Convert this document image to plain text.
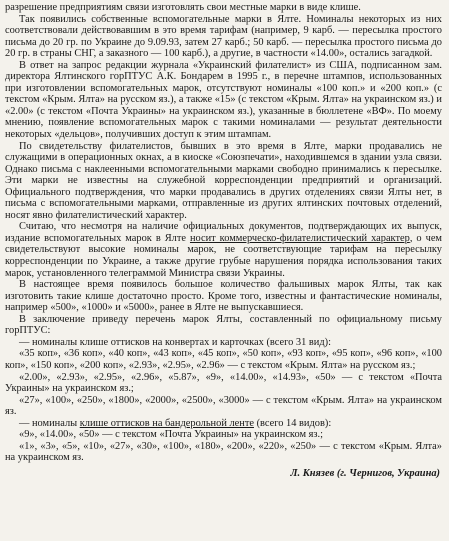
разрешение предприятиям связи изготовлять свои местные марки в виде клише.

Так появились собственные вспомогательные марки в Ялте. Номиналы некоторых из них соответствовали действовавшим в это время тарифам (например, 9 карб. — пересылка простого письма до 20 гр. по Украине до 9.09.93, затем 27 карб.; 50 карб. — пересылка простого письма до 20 гр. в страны СНГ, а заказного — 100 карб.), а другие, в частности «14.00», остались загадкой.

В ответ на запрос редакции журнала «Украинский филателист» из США, подписанном зам. директора Ялтинского горПТУС А.К. Бондарем в 1995 г., в перечне штампов, использованных при изготовлении вспомогательных марок, отсутствуют номиналы «100 коп.» и «200 коп.» (с текстом «Крым. Ялта» на русском яз.), а также «15» (с текстом «Крым. Ялта» на украинском яз.) и «2.00» (с текстом «Почта Украины» на украинском яз.), указанные в бюллетене «ВФ». По моему мнению, появление вспомогательных марок с такими номиналами — результат деятельности некоторых «дельцов», получивших доступ к этим штампам.

По свидетельству филателистов, бывших в это время в Ялте, марки продавались не служащими в операционных окнах, а в киоске «Союзпечати», находившемся в здании узла связи. Однако письма с наклеенными вспомогательными марками свободно принимались к пересылке. Эти марки не известны на служебной корреспонденции предприятий и организаций. Официального подтверждения, что марки продавались в других отделениях связи Ялты нет, в письма с вспомогательными марками, отправленные из других ялтинских почтовых отделений, носят явно филателистический характер.

Считаю, что несмотря на наличие официальных документов, подтверждающих их выпуск, издание вспомогательных марок в Ялте носит коммерческо-филателистический характер, о чем свидетельствуют высокие номиналы марок, не соответствующие тарифам на пересылку корреспонденции по Украине, а также другие грубые нарушения порядка использования таких марок, установленного телеграммой Министра связи Украины.

В настоящее время появилось большое количество фальшивых марок Ялты, так как изготовить такие клише достаточно просто. Кроме того, известны и фантастические номиналы, например «500», «1000» и «5000», ранее в Ялте не выпускавшиеся.

В заключение приведу перечень марок Ялты, составленный по официальному письму горПТУС:

— номиналы клише оттисков на конвертах и карточках (всего 31 вид):

«35 коп», «36 коп», «40 коп», «43 коп», «45 коп», «50 коп», «93 коп», «95 коп», «96 коп», «100 коп», «150 коп», «200 коп», «2.93», «2.95», «2.96» — с текстом «Крым. Ялта» на русском яз.;

«2.00», «2.93», «2.95», «2.96», «5.87», «9», «14.00», «14.93», «50» — с текстом «Почта Украины» на украинском яз.;

«27», «100», «250», «1800», «2000», «2500», «3000» — с текстом «Крым. Ялта» на украинском яз.

— номиналы клише оттисков на бандерольной ленте (всего 14 видов):

«9», «14.00», «50» — с текстом «Почта Украины» на украинском яз.;

«1», «3», «5», «10», «27», «30», «100», «180», «200», «220», «250» — с текстом «Крым. Ялта» на украинском яз.

Л. Князев (г. Чернигов, Украина)
